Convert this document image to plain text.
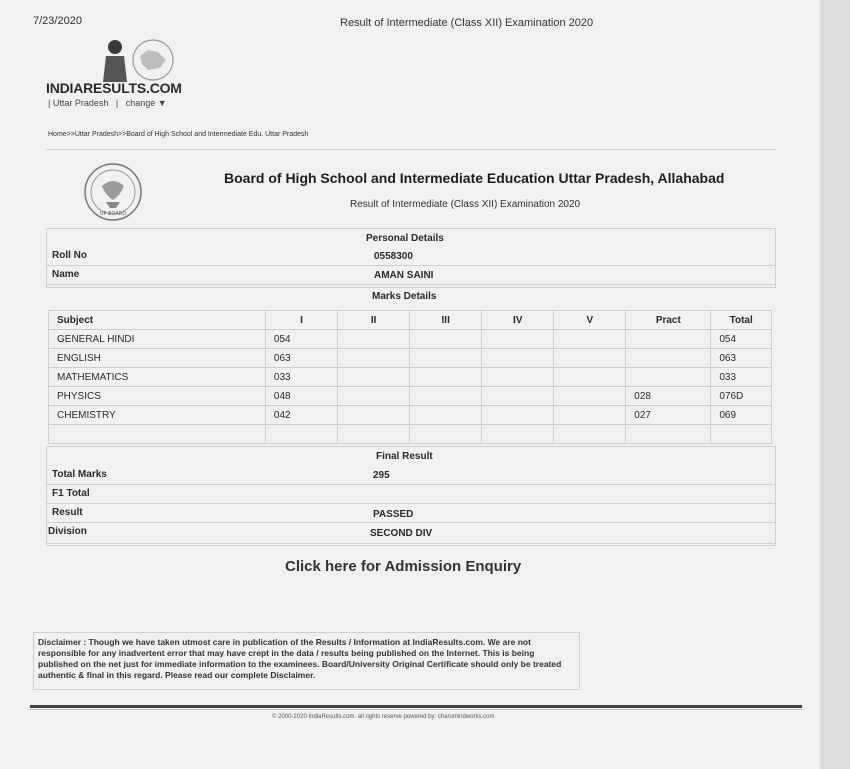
7/23/2020	Result of Intermediate (Class XII) Examination 2020
INDIARESULTS.COM
| Uttar Pradesh | change ▼
Home>>Uttar Pradesh>>Board of High School and Intermediate Edu. Uttar Pradesh
UP BOARD
Board of High School and Intermediate Education Uttar Pradesh, Allahabad
Result of Intermediate (Class XII) Examination 2020
Personal Details
Roll No	0558300
Name	AMAN SAINI
Marks Details
Subject	I	II	III	IV	V	Pract	Total
GENERAL HINDI	054						054
ENGLISH	063						063
MATHEMATICS	033						033
PHYSICS	048					028	076D
CHEMISTRY	042					027	069

Final Result
Total Marks	295
F1 Total
Result	PASSED
Division	SECOND DIV
Click here for Admission Enquiry

Disclaimer : Though we have taken utmost care in publication of the Results / Information at IndiaResults.com. We are not responsible for any inadvertent error that may have crept in the data / results being published on the Internet. This is being published on the net just for immediate information to the examinees. Board/University Original Certificate should only be treated authentic & final in this regard. Please read our complete Disclaimer.

© 2000-2020 IndiaResults.com. all rights reserve powered by: charumindworks.com
